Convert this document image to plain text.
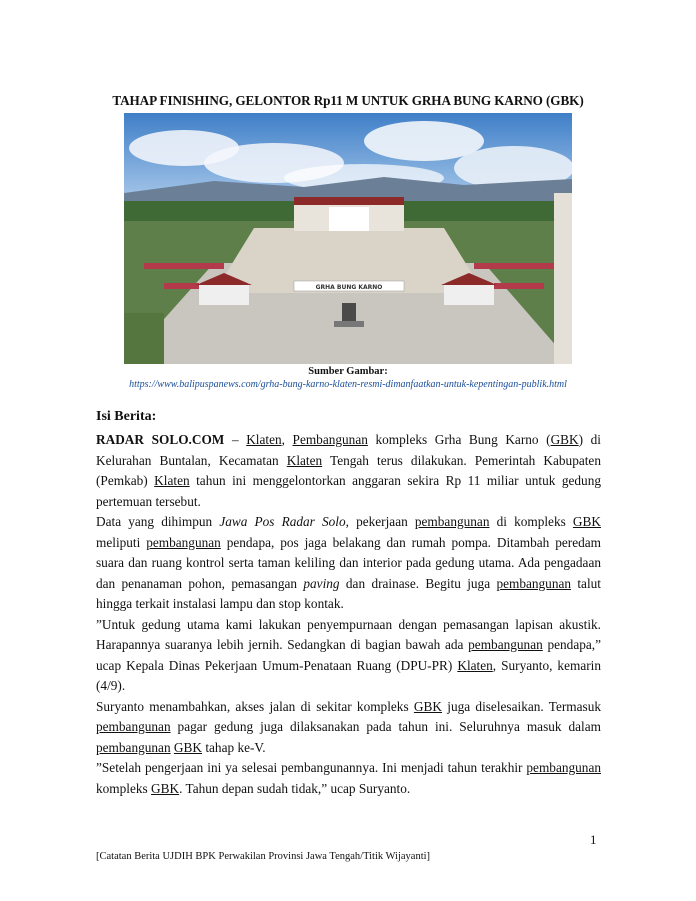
TAHAP FINISHING, GELONTOR Rp11 M UNTUK GRHA BUNG KARNO (GBK)
GRHA BUNG KARNO
Sumber Gambar:
https://www.balipuspanews.com/grha-bung-karno-klaten-resmi-dimanfaatkan-untuk-kepentingan-publik.html
Isi Berita:

RADAR SOLO.COM – Klaten, Pembangunan kompleks Grha Bung Karno (GBK) di Kelurahan Buntalan, Kecamatan Klaten Tengah terus dilakukan. Pemerintah Kabupaten (Pemkab) Klaten tahun ini menggelontorkan anggaran sekira Rp 11 miliar untuk gedung pertemuan tersebut.

Data yang dihimpun Jawa Pos Radar Solo, pekerjaan pembangunan di kompleks GBK meliputi pembangunan pendapa, pos jaga belakang dan rumah pompa. Ditambah peredam suara dan ruang kontrol serta taman keliling dan interior pada gedung utama. Ada pengadaan dan penanaman pohon, pemasangan paving dan drainase. Begitu juga pembangunan talut hingga terkait instalasi lampu dan stop kontak.

”Untuk gedung utama kami lakukan penyempurnaan dengan pemasangan lapisan akustik. Harapannya suaranya lebih jernih. Sedangkan di bagian bawah ada pembangunan pendapa,” ucap Kepala Dinas Pekerjaan Umum-Penataan Ruang (DPU-PR) Klaten, Suryanto, kemarin (4/9).

Suryanto menambahkan, akses jalan di sekitar kompleks GBK juga diselesaikan. Termasuk pembangunan pagar gedung juga dilaksanakan pada tahun ini. Seluruhnya masuk dalam pembangunan GBK tahap ke-V.

”Setelah pengerjaan ini ya selesai pembangunannya. Ini menjadi tahun terakhir pembangunan kompleks GBK. Tahun depan sudah tidak,” ucap Suryanto.

1
[Catatan Berita UJDIH BPK Perwakilan Provinsi Jawa Tengah/Titik Wijayanti]
